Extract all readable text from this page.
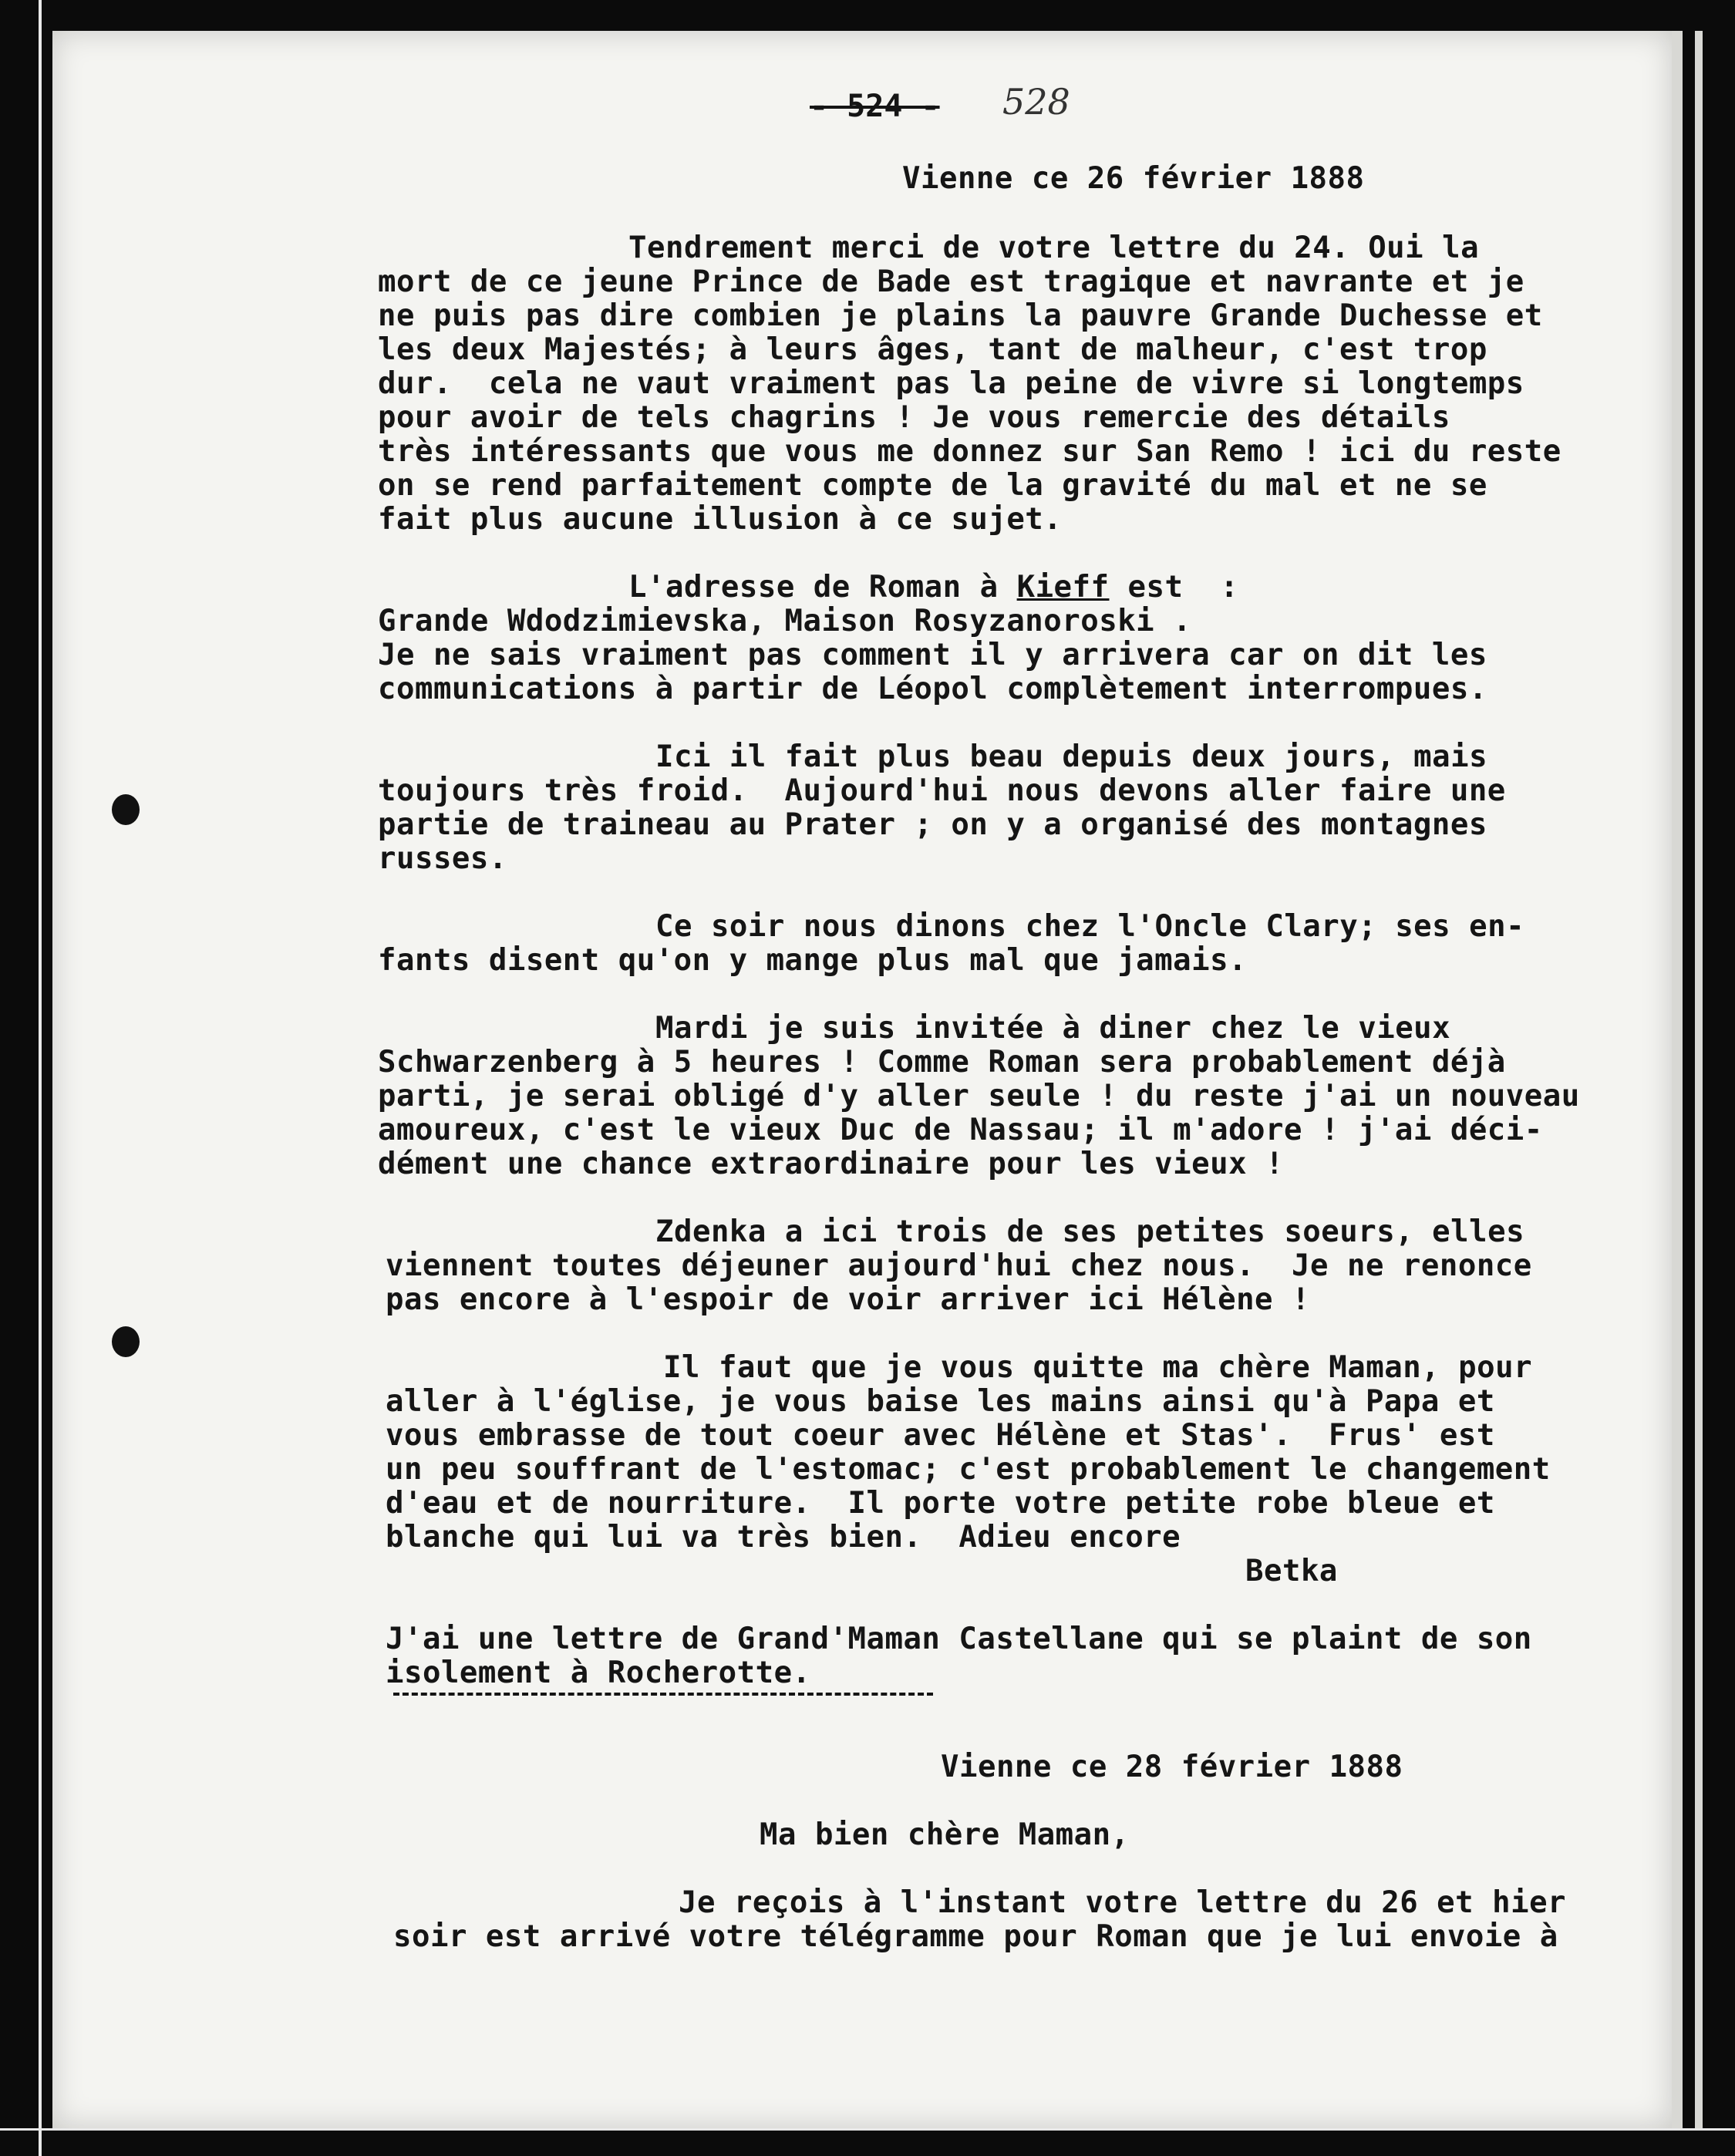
- 524 - 528
Vienne ce 26 février 1888
Tendrement merci de votre lettre du 24. Oui la
mort de ce jeune Prince de Bade est tragique et navrante et je
ne puis pas dire combien je plains la pauvre Grande Duchesse et
les deux Majestés; à leurs âges, tant de malheur, c'est trop
dur.  cela ne vaut vraiment pas la peine de vivre si longtemps
pour avoir de tels chagrins ! Je vous remercie des détails
très intéressants que vous me donnez sur San Remo ! ici du reste
on se rend parfaitement compte de la gravité du mal et ne se
fait plus aucune illusion à ce sujet.
L'adresse de Roman à Kieff est  :
Grande Wdodzimievska, Maison Rosyzanoroski .
Je ne sais vraiment pas comment il y arrivera car on dit les
communications à partir de Léopol complètement interrompues.
Ici il fait plus beau depuis deux jours, mais
toujours très froid.  Aujourd'hui nous devons aller faire une
partie de traineau au Prater ; on y a organisé des montagnes
russes.
Ce soir nous dinons chez l'Oncle Clary; ses en-
fants disent qu'on y mange plus mal que jamais.
Mardi je suis invitée à diner chez le vieux
Schwarzenberg à 5 heures ! Comme Roman sera probablement déjà
parti, je serai obligé d'y aller seule ! du reste j'ai un nouveau
amoureux, c'est le vieux Duc de Nassau; il m'adore ! j'ai déci-
dément une chance extraordinaire pour les vieux !
Zdenka a ici trois de ses petites soeurs, elles
viennent toutes déjeuner aujourd'hui chez nous.  Je ne renonce
pas encore à l'espoir de voir arriver ici Hélène !
Il faut que je vous quitte ma chère Maman, pour
aller à l'église, je vous baise les mains ainsi qu'à Papa et
vous embrasse de tout coeur avec Hélène et Stas'.  Frus' est
un peu souffrant de l'estomac; c'est probablement le changement
d'eau et de nourriture.  Il porte votre petite robe bleue et
blanche qui lui va très bien.  Adieu encore
Betka
J'ai une lettre de Grand'Maman Castellane qui se plaint de son
isolement à Rocherotte.
Vienne ce 28 février 1888
Ma bien chère Maman,
Je reçois à l'instant votre lettre du 26 et hier
soir est arrivé votre télégramme pour Roman que je lui envoie à
